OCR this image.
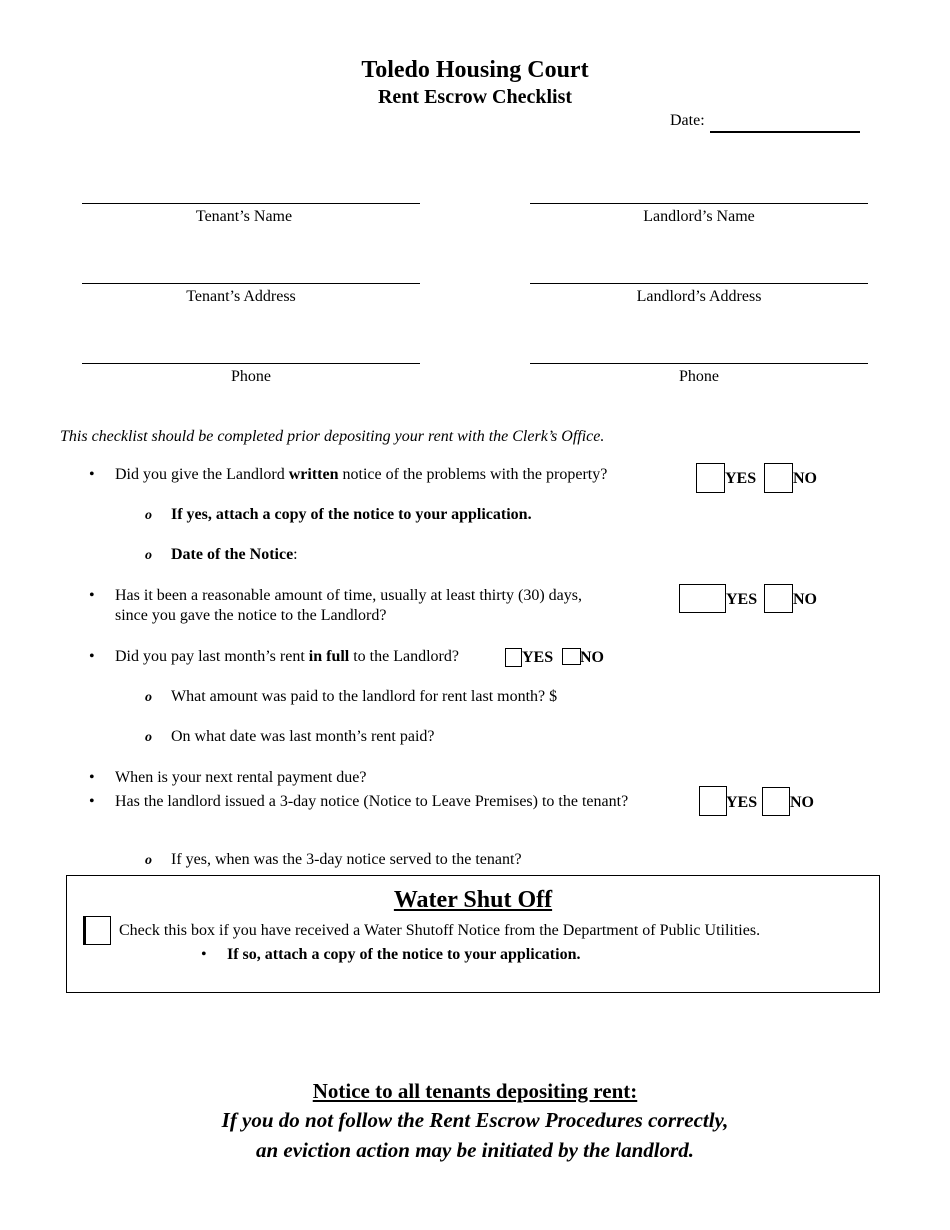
Toledo Housing Court
Rent Escrow Checklist
Date:
Tenant’s Name	Landlord’s Name
Tenant’s Address	Landlord’s Address
Phone	Phone
This checklist should be completed prior depositing your rent with the Clerk’s Office.
• Did you give the Landlord written notice of the problems with the property?	YES NO
o If yes, attach a copy of the notice to your application.
o Date of the Notice:
• Has it been a reasonable amount of time, usually at least thirty (30) days,
since you gave the notice to the Landlord?
YES NO
• Did you pay last month’s rent in full to the Landlord?	YES NO
o What amount was paid to the landlord for rent last month? $
o On what date was last month’s rent paid?
• When is your next rental payment due?
• Has the landlord issued a 3-day notice (Notice to Leave Premises) to the tenant?	YES NO
o If yes, when was the 3-day notice served to the tenant?
Water Shut Off
Check this box if you have received a Water Shutoff Notice from the Department of Public Utilities.
• If so, attach a copy of the notice to your application.
Notice to all tenants depositing rent:
If you do not follow the Rent Escrow Procedures correctly,
an eviction action may be initiated by the landlord.
